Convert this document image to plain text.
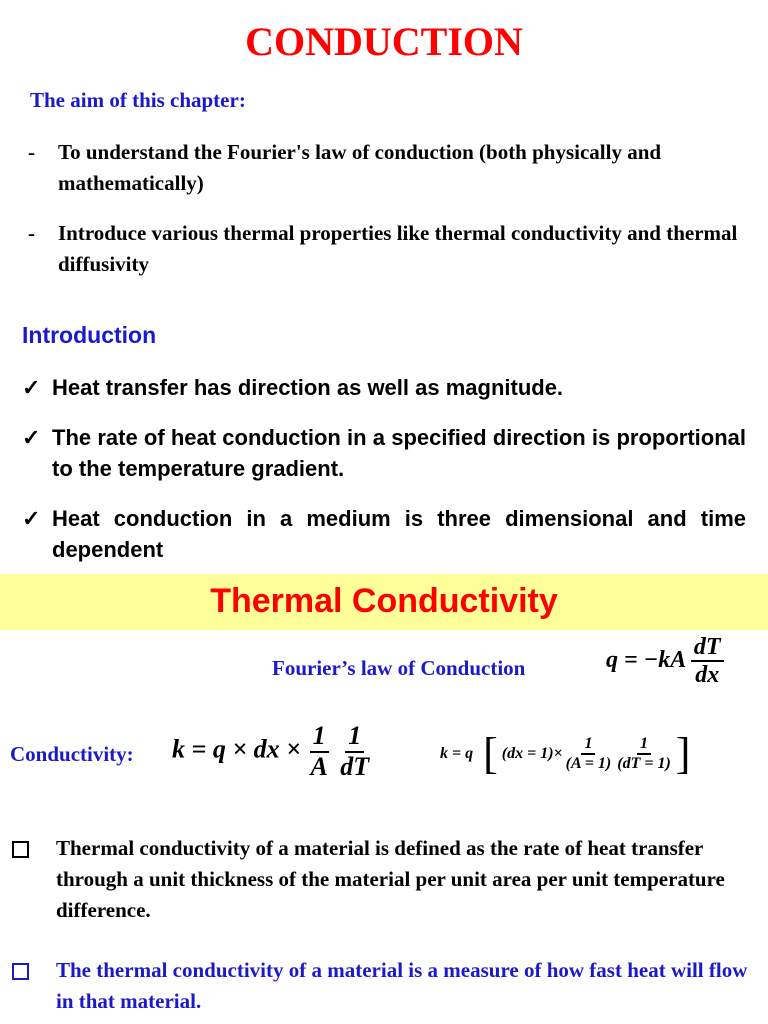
CONDUCTION
The aim of this chapter:
-	To understand the Fourier's law of conduction (both physically and mathematically)
-	Introduce various thermal properties like thermal conductivity and thermal diffusivity
Introduction
✓ Heat transfer has direction as well as magnitude.
✓ The rate of heat conduction in a specified direction is proportional to the temperature gradient.
✓ Heat conduction in a medium is three dimensional and time dependent
Thermal Conductivity
Fourier’s law of Conduction	$q = -kA \frac{dT}{dx}$
Conductivity: k = q × dx × $\frac{1}{A}$
$\frac{1}{dT}$	k = q [ $(dx = 1)\times \frac{1}{(A = 1)} \frac{1}{(dT = 1)}$ ]
Thermal conductivity of a material is defined as the rate of heat transfer through a unit thickness of the material per unit area per unit temperature difference.
The thermal conductivity of a material is a measure of how fast heat will flow in that material.
